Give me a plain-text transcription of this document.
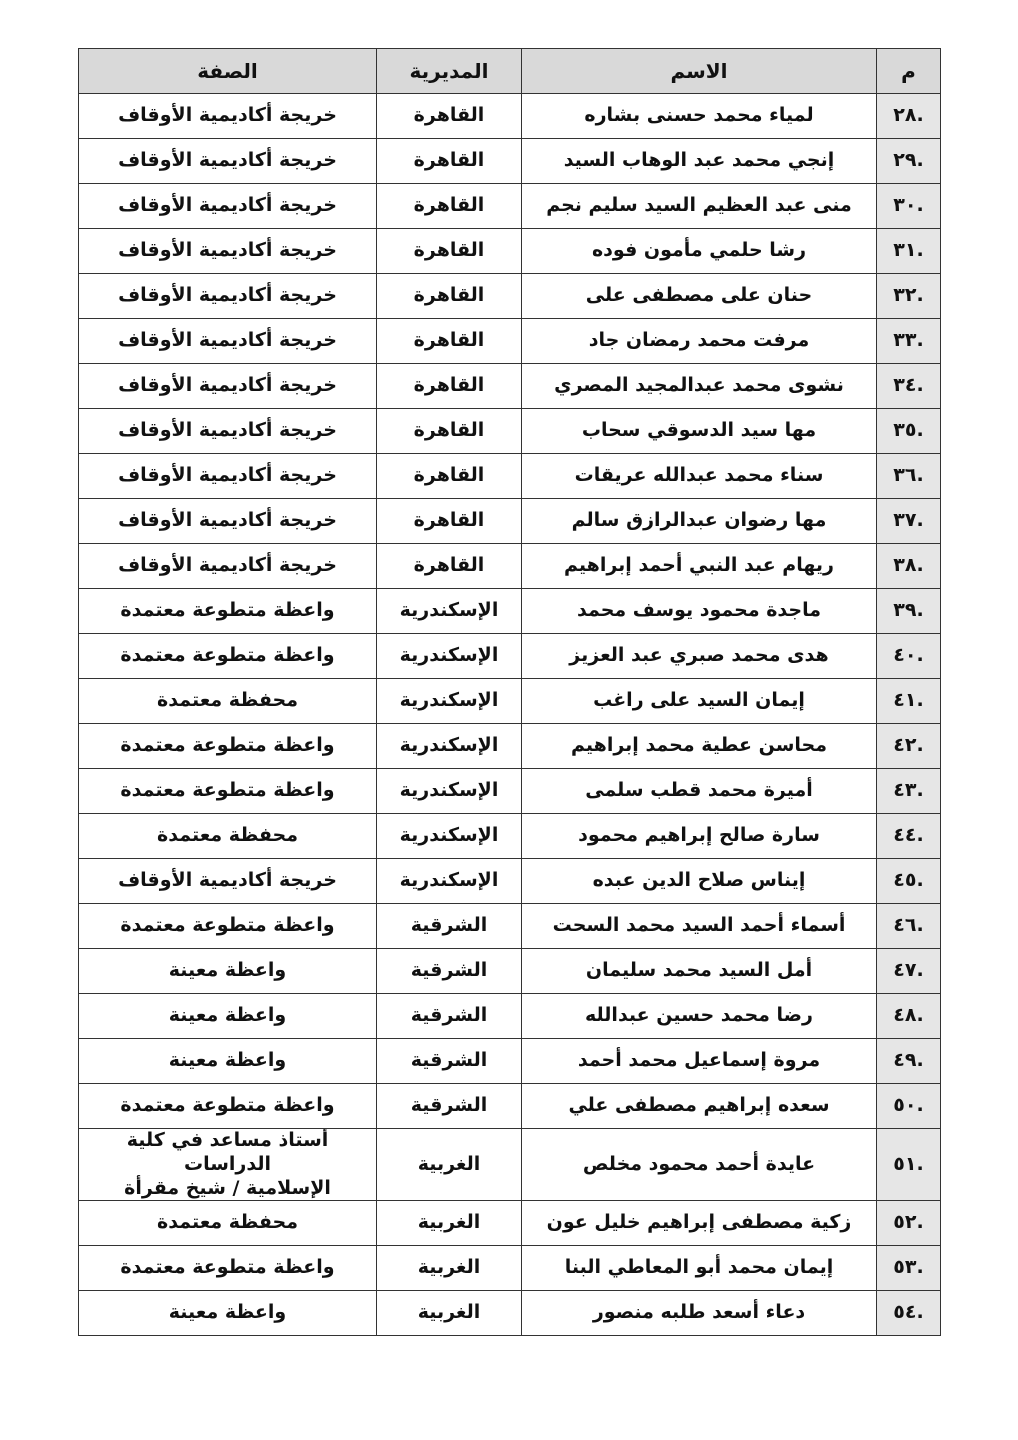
م	الاسم	المديرية	الصفة
.٢٨	لمياء محمد حسنى بشاره	القاهرة	خريجة أكاديمية الأوقاف
.٢٩	إنجي محمد عبد الوهاب السيد	القاهرة	خريجة أكاديمية الأوقاف
.٣٠	منى عبد العظيم السيد سليم نجم	القاهرة	خريجة أكاديمية الأوقاف
.٣١	رشا حلمي مأمون فوده	القاهرة	خريجة أكاديمية الأوقاف
.٣٢	حنان على مصطفى على	القاهرة	خريجة أكاديمية الأوقاف
.٣٣	مرفت محمد رمضان جاد	القاهرة	خريجة أكاديمية الأوقاف
.٣٤	نشوى محمد عبدالمجيد المصري	القاهرة	خريجة أكاديمية الأوقاف
.٣٥	مها سيد الدسوقي سحاب	القاهرة	خريجة أكاديمية الأوقاف
.٣٦	سناء محمد عبدالله عريقات	القاهرة	خريجة أكاديمية الأوقاف
.٣٧	مها رضوان عبدالرازق سالم	القاهرة	خريجة أكاديمية الأوقاف
.٣٨	ريهام عبد النبي أحمد إبراهيم	القاهرة	خريجة أكاديمية الأوقاف
.٣٩	ماجدة محمود يوسف محمد	الإسكندرية	واعظة متطوعة معتمدة
.٤٠	هدى محمد صبري عبد العزيز	الإسكندرية	واعظة متطوعة معتمدة
.٤١	إيمان السيد على راغب	الإسكندرية	محفظة معتمدة
.٤٢	محاسن عطية محمد إبراهيم	الإسكندرية	واعظة متطوعة معتمدة
.٤٣	أميرة محمد قطب سلمى	الإسكندرية	واعظة متطوعة معتمدة
.٤٤	سارة صالح إبراهيم محمود	الإسكندرية	محفظة معتمدة
.٤٥	إيناس صلاح الدين عبده	الإسكندرية	خريجة أكاديمية الأوقاف
.٤٦	أسماء أحمد السيد محمد السحت	الشرقية	واعظة متطوعة معتمدة
.٤٧	أمل السيد محمد سليمان	الشرقية	واعظة معينة
.٤٨	رضا محمد حسين عبدالله	الشرقية	واعظة معينة
.٤٩	مروة إسماعيل محمد أحمد	الشرقية	واعظة معينة
.٥٠	سعده إبراهيم مصطفى علي	الشرقية	واعظة متطوعة معتمدة
.٥١	عايدة أحمد محمود مخلص	الغربية	أستاذ مساعد في كلية الدراسات
الإسلامية / شيخ مقرأة

.٥٢	زكية مصطفى إبراهيم خليل عون	الغربية	محفظة معتمدة
.٥٣	إيمان محمد أبو المعاطي البنا	الغربية	واعظة متطوعة معتمدة
.٥٤	دعاء أسعد طلبه منصور	الغربية	واعظة معينة
